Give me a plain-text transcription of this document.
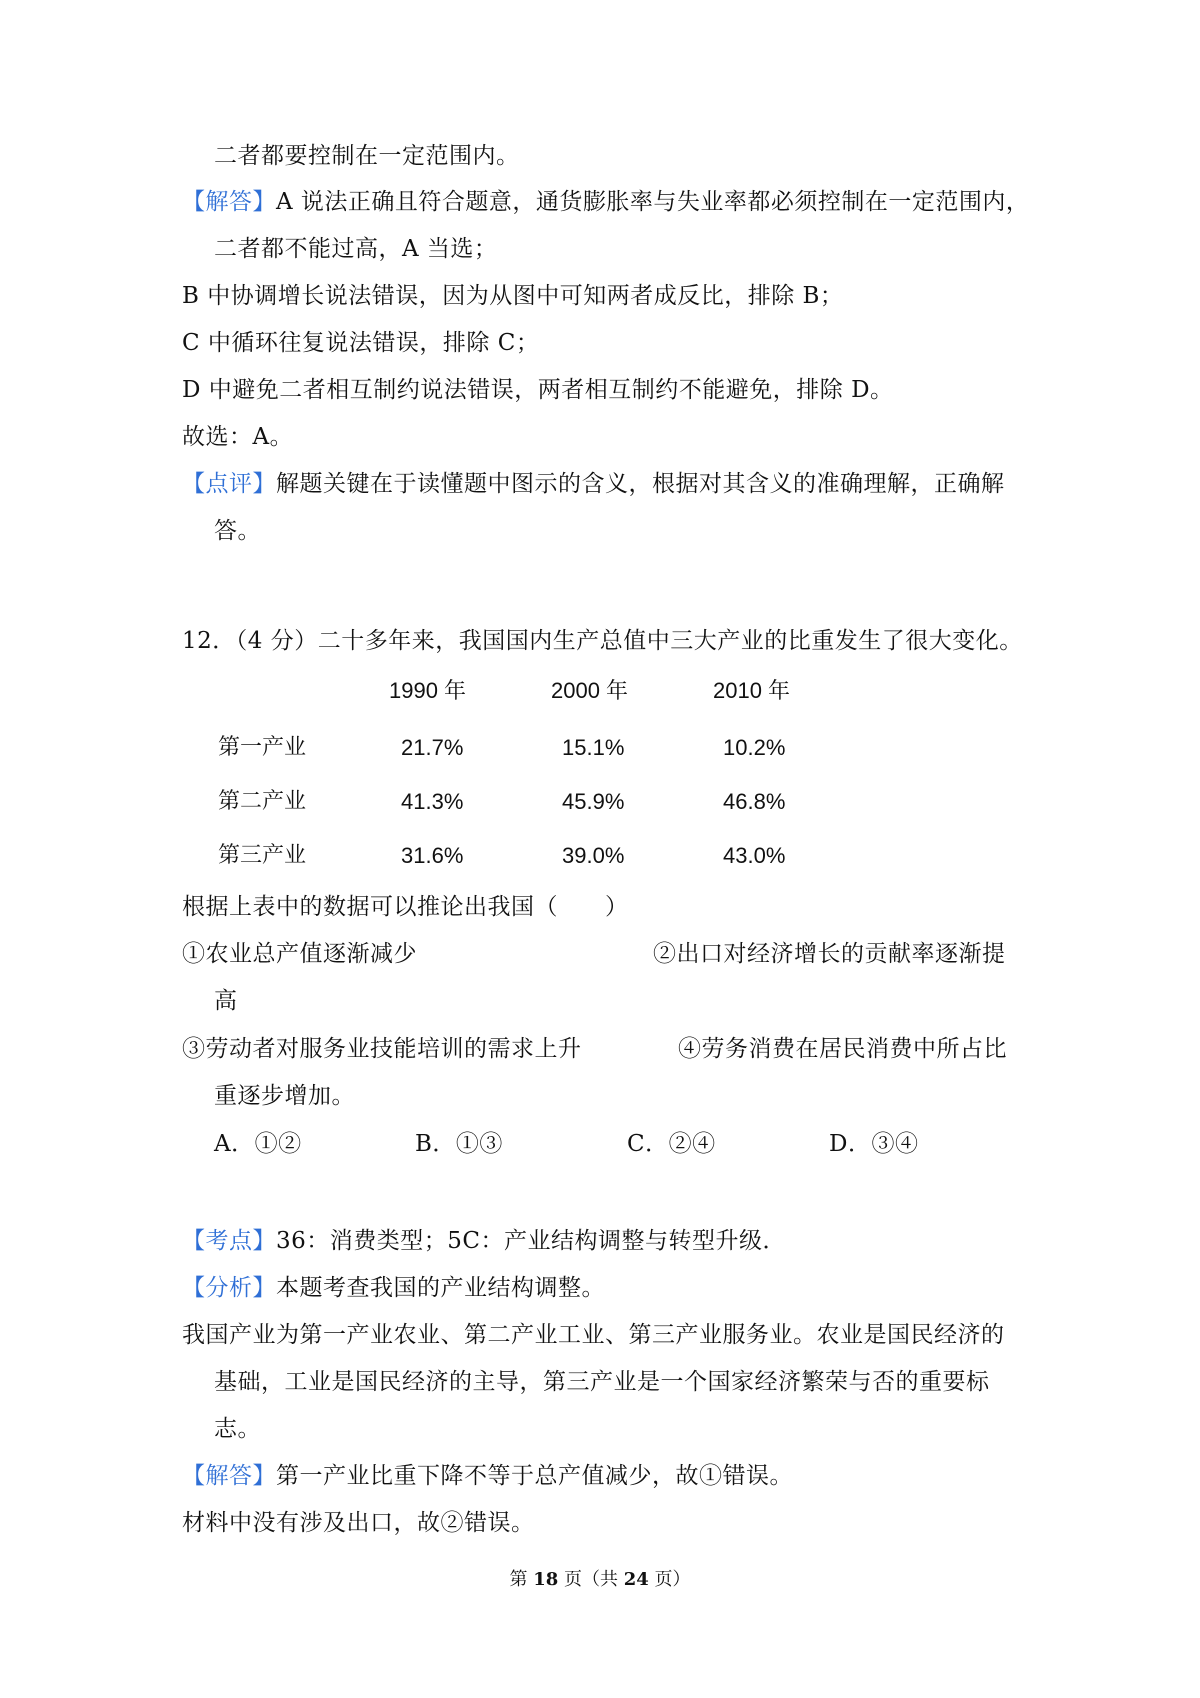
二者都要控制在一定范围内。
【解答】A 说法正确且符合题意，通货膨胀率与失业率都必须控制在一定范围内，
二者都不能过高，A 当选；
B 中协调增长说法错误，因为从图中可知两者成反比，排除 B；
C 中循环往复说法错误，排除 C；
D 中避免二者相互制约说法错误，两者相互制约不能避免，排除 D。
故选：A。
【点评】解题关键在于读懂题中图示的含义，根据对其含义的准确理解，正确解
答。
12．（4 分）二十多年来，我国国内生产总值中三大产业的比重发生了很大变化。
1990 年	2000 年	2010 年
第一产业	21.7%	15.1%	10.2%
第二产业	41.3%	45.9%	46.8%
第三产业	31.6%	39.0%	43.0%
根据上表中的数据可以推论出我国（　　）
①农业总产值逐渐减少	②出口对经济增长的贡献率逐渐提
高
③劳动者对服务业技能培训的需求上升	④劳务消费在居民消费中所占比
重逐步增加。
A．①②	B．①③	C．②④	D．③④
【考点】36：消费类型；5C：产业结构调整与转型升级．
【分析】本题考查我国的产业结构调整。
我国产业为第一产业农业、第二产业工业、第三产业服务业。农业是国民经济的
基础，工业是国民经济的主导，第三产业是一个国家经济繁荣与否的重要标
志。
【解答】第一产业比重下降不等于总产值减少，故①错误。
材料中没有涉及出口，故②错误。
第 18 页（共 24 页）
